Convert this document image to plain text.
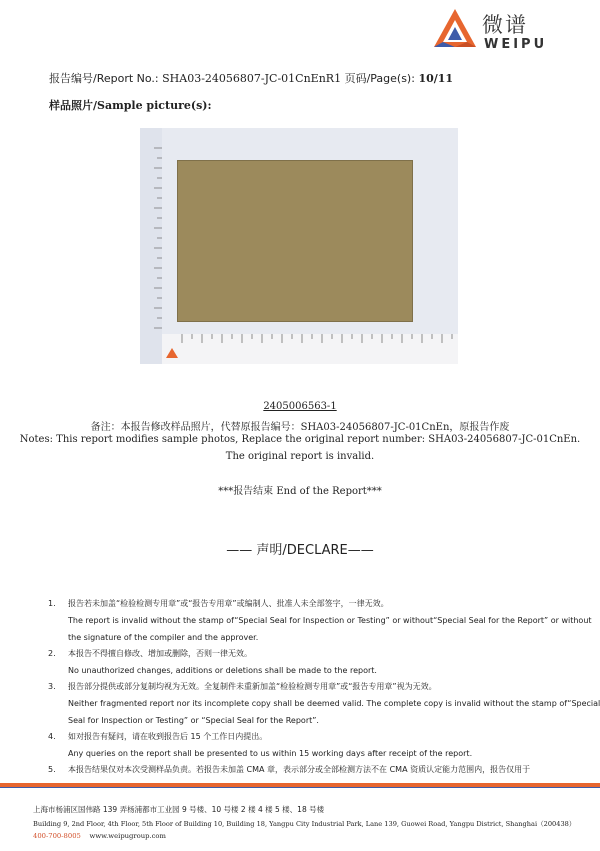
微谱
WEIPU
报告编号/Report No.: SHA03-24056807-JC-01CnEnR1 页码/Page(s): 10/11
样品照片/Sample picture(s):
2405006563-1
备注：本报告修改样品照片，代替原报告编号：SHA03-24056807-JC-01CnEn，原报告作废
Notes: This report modifies sample photos, Replace the original report number: SHA03-24056807-JC-01CnEn.
The original report is invalid.
***报告结束 End of the Report***
—— 声明/DECLARE——
1. 报告若未加盖“检验检测专用章”或“报告专用章”或编制人、批准人未全部签字，一律无效。
The report is invalid without the stamp of“Special Seal for Inspection or Testing” or without“Special Seal for the Report” or without
the signature of the compiler and the approver.
2. 本报告不得擅自修改、增加或删除，否则一律无效。
No unauthorized changes, additions or deletions shall be made to the report.
3. 报告部分提供或部分复制均视为无效。全复制件未重新加盖“检验检测专用章”或“报告专用章”视为无效。
Neither fragmented report nor its incomplete copy shall be deemed valid. The complete copy is invalid without the stamp of“Special
Seal for Inspection or Testing” or “Special Seal for the Report”.
4. 如对报告有疑问，请在收到报告后 15 个工作日内提出。
Any queries on the report shall be presented to us within 15 working days after receipt of the report.
5. 本报告结果仅对本次受测样品负责。若报告未加盖 CMA 章，表示部分或全部检测方法不在 CMA 资质认定能力范围内，报告仅用于
上海市杨浦区国伟路 139 弄杨浦都市工业园 9 号楼、10 号楼 2 楼 4 楼 5 楼、18 号楼
Building 9, 2nd Floor, 4th Floor, 5th Floor of Building 10, Building 18, Yangpu City Industrial Park, Lane 139, Guowei Road, Yangpu District, Shanghai（200438）
400-700-8005 www.weipugroup.com
